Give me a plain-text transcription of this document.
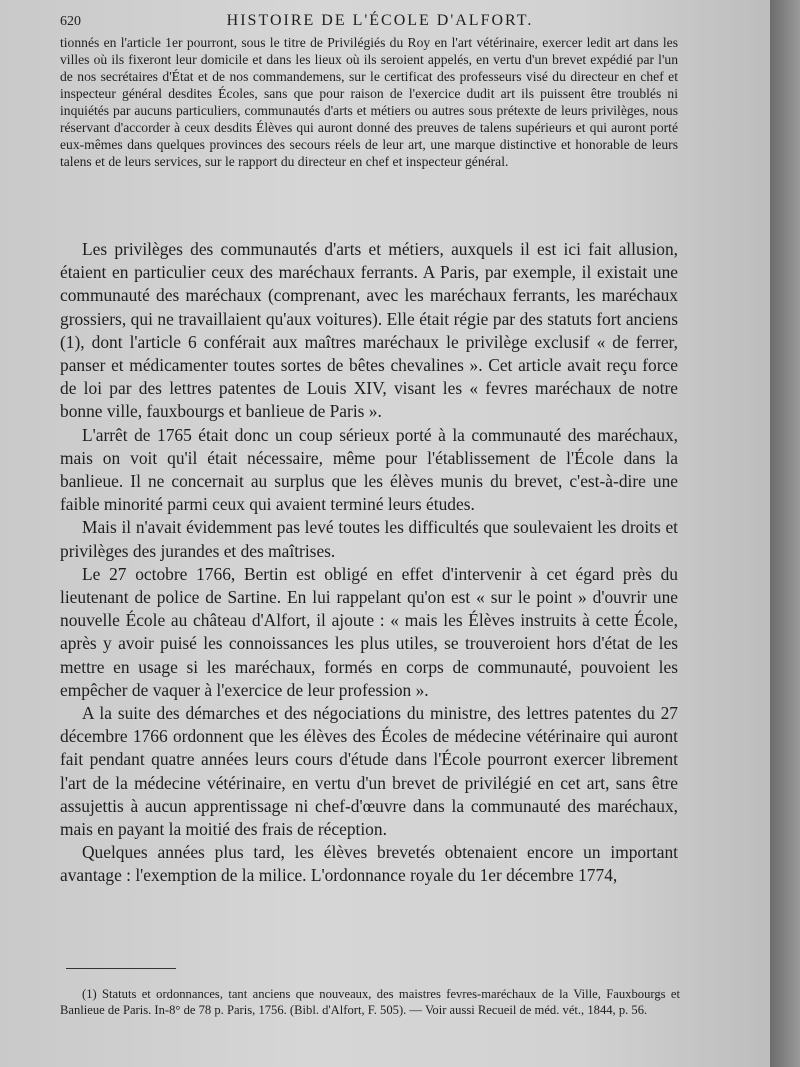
620	HISTOIRE DE L'ÉCOLE D'ALFORT.

tionnés en l'article 1er pourront, sous le titre de Privilégiés du Roy en l'art vétérinaire, exercer ledit art dans les villes où ils fixeront leur domicile et dans les lieux où ils seroient appelés, en vertu d'un brevet expédié par l'un de nos secrétaires d'État et de nos commandemens, sur le certificat des professeurs visé du directeur en chef et inspecteur général desdites Écoles, sans que pour raison de l'exercice dudit art ils puissent être troublés ni inquiétés par aucuns particuliers, communautés d'arts et métiers ou autres sous prétexte de leurs privilèges, nous réservant d'accorder à ceux desdits Élèves qui auront donné des preuves de talens supérieurs et qui auront porté eux-mêmes dans quelques provinces des secours réels de leur art, une marque distinctive et honorable de leurs talens et de leurs services, sur le rapport du directeur en chef et inspecteur général.

Les privilèges des communautés d'arts et métiers, auxquels il est ici fait allusion, étaient en particulier ceux des maréchaux ferrants. A Paris, par exemple, il existait une communauté des maréchaux (comprenant, avec les maréchaux ferrants, les maréchaux grossiers, qui ne travaillaient qu'aux voitures). Elle était régie par des statuts fort anciens (1), dont l'article 6 conférait aux maîtres maréchaux le privilège exclusif « de ferrer, panser et médicamenter toutes sortes de bêtes chevalines ». Cet article avait reçu force de loi par des lettres patentes de Louis XIV, visant les « fevres maréchaux de notre bonne ville, fauxbourgs et banlieue de Paris ».

L'arrêt de 1765 était donc un coup sérieux porté à la communauté des maréchaux, mais on voit qu'il était nécessaire, même pour l'établissement de l'École dans la banlieue. Il ne concernait au surplus que les élèves munis du brevet, c'est-à-dire une faible minorité parmi ceux qui avaient terminé leurs études.

Mais il n'avait évidemment pas levé toutes les difficultés que soulevaient les droits et privilèges des jurandes et des maîtrises.

Le 27 octobre 1766, Bertin est obligé en effet d'intervenir à cet égard près du lieutenant de police de Sartine. En lui rappelant qu'on est « sur le point » d'ouvrir une nouvelle École au château d'Alfort, il ajoute : « mais les Élèves instruits à cette École, après y avoir puisé les connoissances les plus utiles, se trouveroient hors d'état de les mettre en usage si les maréchaux, formés en corps de communauté, pouvoient les empêcher de vaquer à l'exercice de leur profession ».

A la suite des démarches et des négociations du ministre, des lettres patentes du 27 décembre 1766 ordonnent que les élèves des Écoles de médecine vétérinaire qui auront fait pendant quatre années leurs cours d'étude dans l'École pourront exercer librement l'art de la médecine vétérinaire, en vertu d'un brevet de privilégié en cet art, sans être assujettis à aucun apprentissage ni chef-d'œuvre dans la communauté des maréchaux, mais en payant la moitié des frais de réception.

Quelques années plus tard, les élèves brevetés obtenaient encore un important avantage : l'exemption de la milice. L'ordonnance royale du 1er décembre 1774,

(1) Statuts et ordonnances, tant anciens que nouveaux, des maistres fevres-maréchaux de la Ville, Fauxbourgs et Banlieue de Paris. In-8° de 78 p. Paris, 1756. (Bibl. d'Alfort, F. 505). — Voir aussi Recueil de méd. vét., 1844, p. 56.
